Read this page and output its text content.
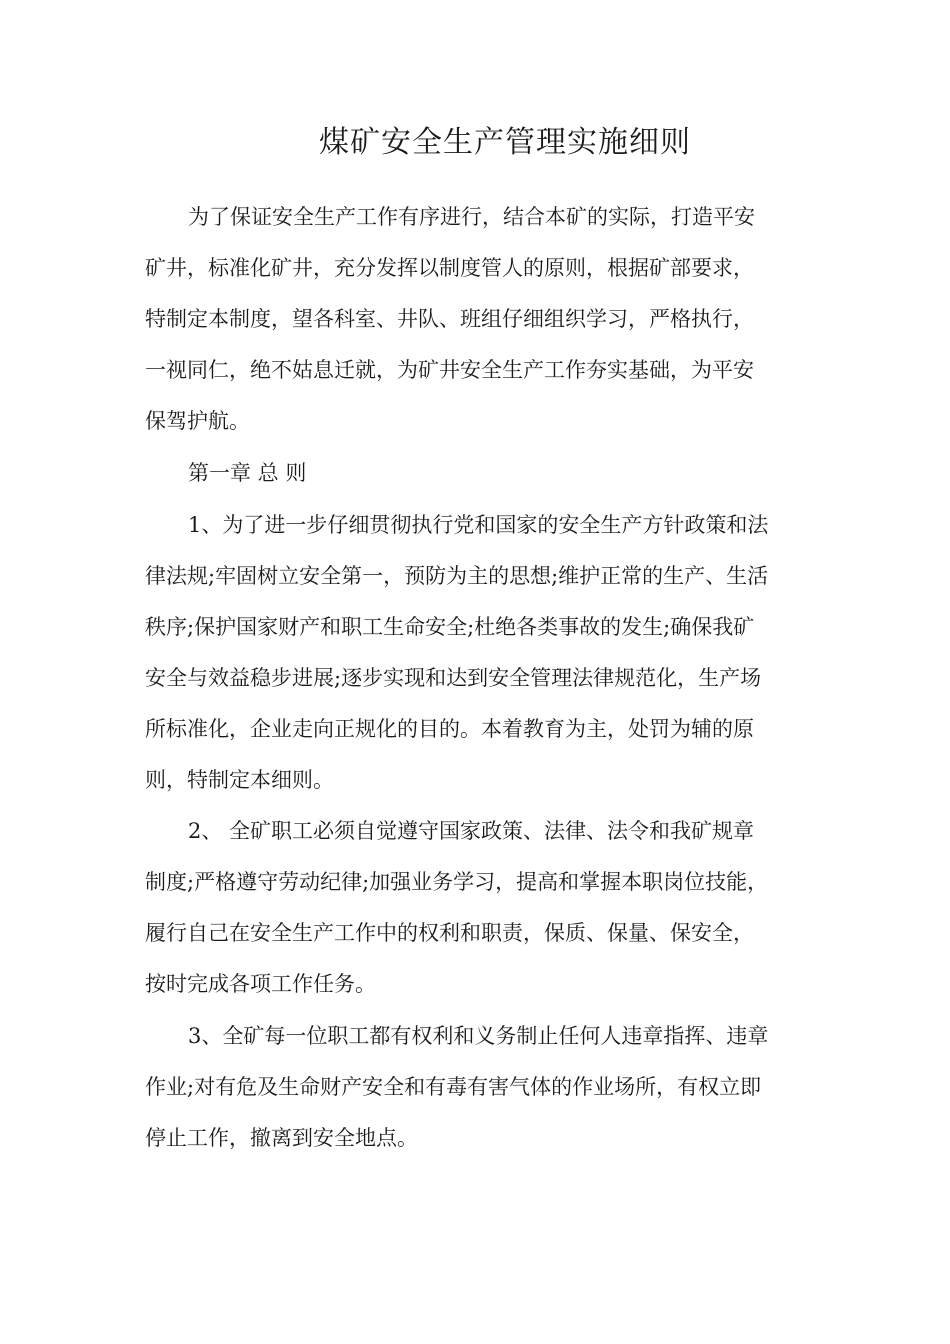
煤矿安全生产管理实施细则
为了保证安全生产工作有序进行，结合本矿的实际，打造平安
矿井，标准化矿井，充分发挥以制度管人的原则，根据矿部要求，
特制定本制度，望各科室、井队、班组仔细组织学习，严格执行，
一视同仁，绝不姑息迁就，为矿井安全生产工作夯实基础，为平安
保驾护航。
第一章 总 则
1、为了进一步仔细贯彻执行党和国家的安全生产方针政策和法
律法规;牢固树立安全第一，预防为主的思想;维护正常的生产、生活
秩序;保护国家财产和职工生命安全;杜绝各类事故的发生;确保我矿
安全与效益稳步进展;逐步实现和达到安全管理法律规范化，生产场
所标准化，企业走向正规化的目的。本着教育为主，处罚为辅的原
则，特制定本细则。
2、 全矿职工必须自觉遵守国家政策、法律、法令和我矿规章
制度;严格遵守劳动纪律;加强业务学习，提高和掌握本职岗位技能，
履行自己在安全生产工作中的权利和职责，保质、保量、保安全，
按时完成各项工作任务。
3、全矿每一位职工都有权利和义务制止任何人违章指挥、违章
作业;对有危及生命财产安全和有毒有害气体的作业场所，有权立即
停止工作，撤离到安全地点。
